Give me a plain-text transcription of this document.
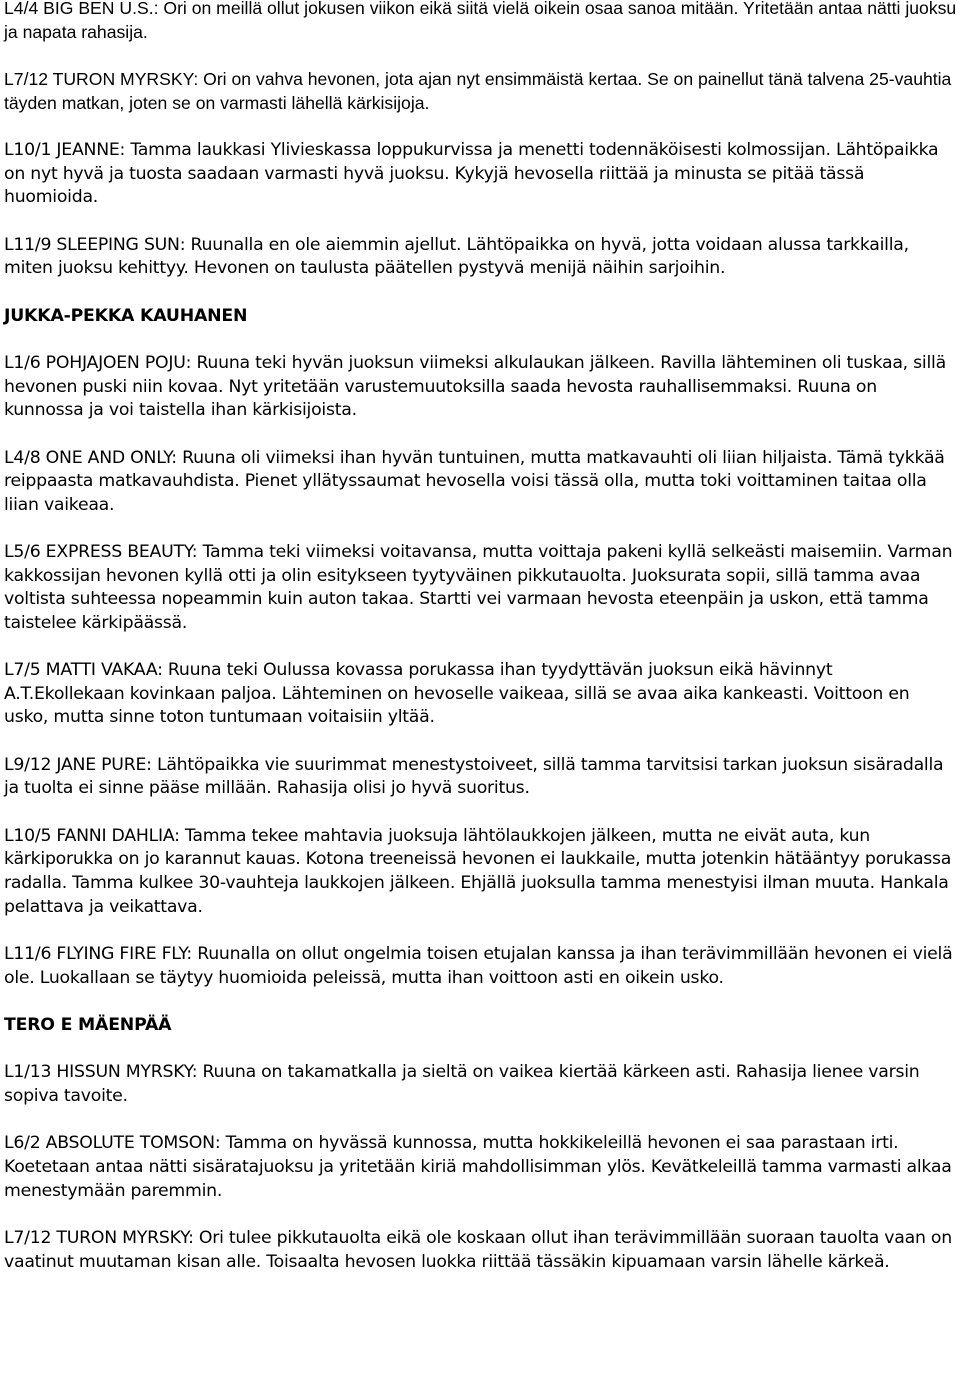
L4/4 BIG BEN U.S.: Ori on meillä ollut jokusen viikon eikä siitä vielä oikein osaa sanoa mitään. Yritetään antaa nätti juoksu ja napata rahasija.

L7/12 TURON MYRSKY: Ori on vahva hevonen, jota ajan nyt ensimmäistä kertaa. Se on painellut tänä talvena 25-vauhtia täyden matkan, joten se on varmasti lähellä kärkisijoja.

L10/1 JEANNE: Tamma laukkasi Ylivieskassa loppukurvissa ja menetti todennäköisesti kolmossijan. Lähtöpaikka on nyt hyvä ja tuosta saadaan varmasti hyvä juoksu. Kykyjä hevosella riittää ja minusta se pitää tässä huomioida.

L11/9 SLEEPING SUN: Ruunalla en ole aiemmin ajellut. Lähtöpaikka on hyvä, jotta voidaan alussa tarkkailla, miten juoksu kehittyy. Hevonen on taulusta päätellen pystyvä menijä näihin sarjoihin.

JUKKA-PEKKA KAUHANEN

L1/6 POHJAJOEN POJU: Ruuna teki hyvän juoksun viimeksi alkulaukan jälkeen. Ravilla lähteminen oli tuskaa, sillä hevonen puski niin kovaa. Nyt yritetään varustemuutoksilla saada hevosta rauhallisemmaksi. Ruuna on kunnossa ja voi taistella ihan kärkisijoista.

L4/8 ONE AND ONLY: Ruuna oli viimeksi ihan hyvän tuntuinen, mutta matkavauhti oli liian hiljaista. Tämä tykkää reippaasta matkavauhdista. Pienet yllätyssaumat hevosella voisi tässä olla, mutta toki voittaminen taitaa olla liian vaikeaa.

L5/6 EXPRESS BEAUTY: Tamma teki viimeksi voitavansa, mutta voittaja pakeni kyllä selkeästi maisemiin. Varman kakkossijan hevonen kyllä otti ja olin esitykseen tyytyväinen pikkutauolta. Juoksurata sopii, sillä tamma avaa voltista suhteessa nopeammin kuin auton takaa. Startti vei varmaan hevosta eteenpäin ja uskon, että tamma taistelee kärkipäässä.

L7/5 MATTI VAKAA: Ruuna teki Oulussa kovassa porukassa ihan tyydyttävän juoksun eikä hävinnyt A.T.Ekollekaan kovinkaan paljoa. Lähteminen on hevoselle vaikeaa, sillä se avaa aika kankeasti. Voittoon en usko, mutta sinne toton tuntumaan voitaisiin yltää.

L9/12 JANE PURE: Lähtöpaikka vie suurimmat menestystoiveet, sillä tamma tarvitsisi tarkan juoksun sisäradalla ja tuolta ei sinne pääse millään. Rahasija olisi jo hyvä suoritus.

L10/5 FANNI DAHLIA: Tamma tekee mahtavia juoksuja lähtölaukkojen jälkeen, mutta ne eivät auta, kun kärkiporukka on jo karannut kauas. Kotona treeneissä hevonen ei laukkaile, mutta jotenkin hätääntyy porukassa radalla. Tamma kulkee 30-vauhteja laukkojen jälkeen. Ehjällä juoksulla tamma menestyisi ilman muuta. Hankala pelattava ja veikattava.

L11/6 FLYING FIRE FLY: Ruunalla on ollut ongelmia toisen etujalan kanssa ja ihan terävimmillään hevonen ei vielä ole. Luokallaan se täytyy huomioida peleissä, mutta ihan voittoon asti en oikein usko.

TERO E MÄENPÄÄ

L1/13 HISSUN MYRSKY: Ruuna on takamatkalla ja sieltä on vaikea kiertää kärkeen asti. Rahasija lienee varsin sopiva tavoite.

L6/2 ABSOLUTE TOMSON: Tamma on hyvässä kunnossa, mutta hokkikeleillä hevonen ei saa parastaan irti. Koetetaan antaa nätti sisäratajuoksu ja yritetään kiriä mahdollisimman ylös. Kevätkeleillä tamma varmasti alkaa menestymään paremmin.

L7/12 TURON MYRSKY: Ori tulee pikkutauolta eikä ole koskaan ollut ihan terävimmillään suoraan tauolta vaan on vaatinut muutaman kisan alle. Toisaalta hevosen luokka riittää tässäkin kipuamaan varsin lähelle kärkeä.
